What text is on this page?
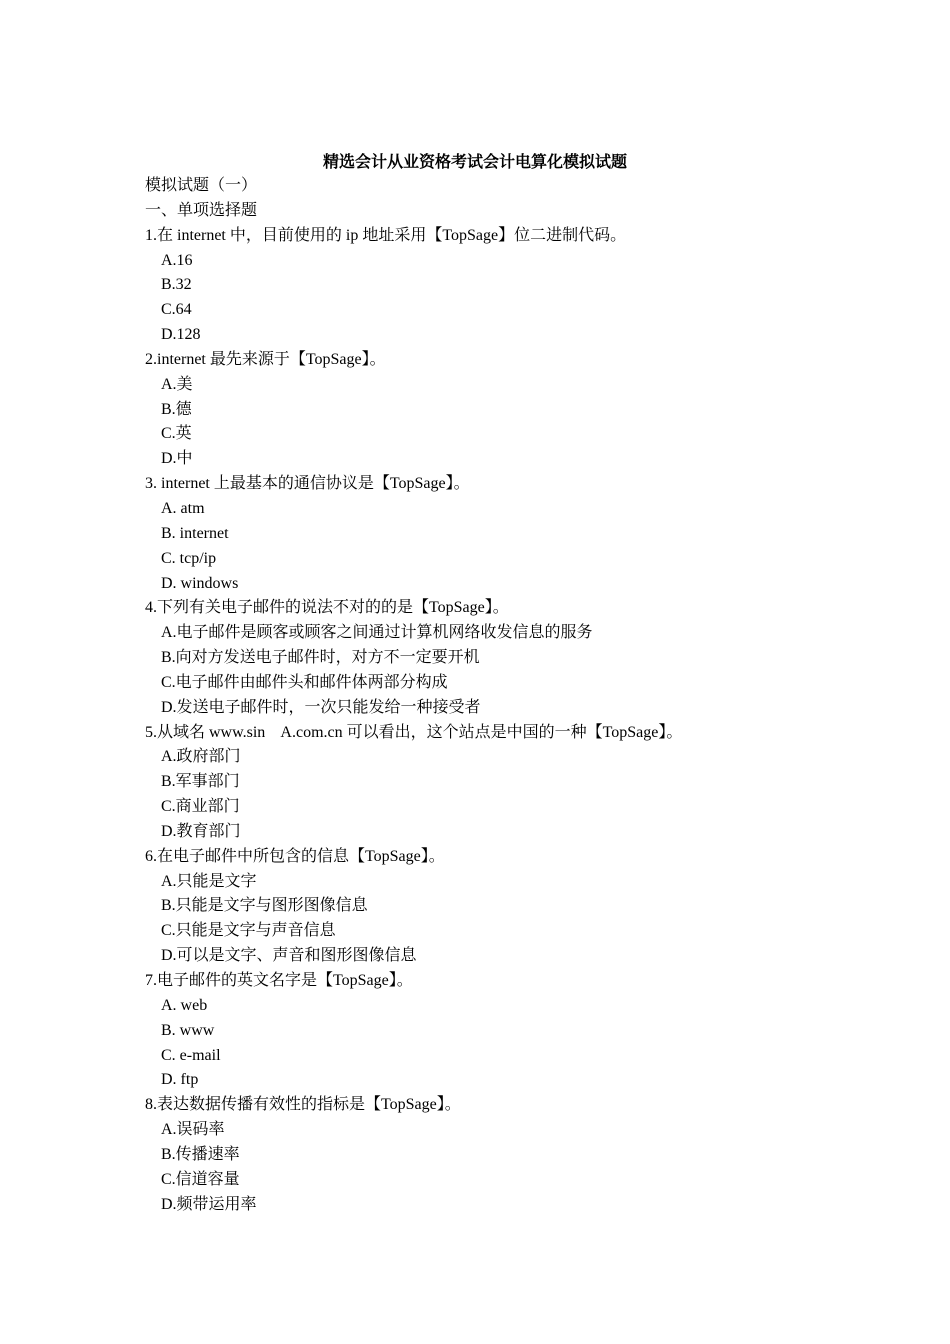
精选会计从业资格考试会计电算化模拟试题
模拟试题（一）
一、单项选择题
1.在 internet 中，目前使用的 ip 地址采用【TopSage】位二进制代码。
A.16
B.32
C.64
D.128
2.internet 最先来源于【TopSage】。
A.美
B.德
C.英
D.中
3. internet 上最基本的通信协议是【TopSage】。
A. atm
B. internet
C. tcp/ip
D. windows
4.下列有关电子邮件的说法不对的的是【TopSage】。
A.电子邮件是顾客或顾客之间通过计算机网络收发信息的服务
B.向对方发送电子邮件时，对方不一定要开机
C.电子邮件由邮件头和邮件体两部分构成
D.发送电子邮件时，一次只能发给一种接受者
5.从域名 www.sin    A.com.cn 可以看出，这个站点是中国的一种【TopSage】。
A.政府部门
B.军事部门
C.商业部门
D.教育部门
6.在电子邮件中所包含的信息【TopSage】。
A.只能是文字
B.只能是文字与图形图像信息
C.只能是文字与声音信息
D.可以是文字、声音和图形图像信息
7.电子邮件的英文名字是【TopSage】。
A. web
B. www
C. e-mail
D. ftp
8.表达数据传播有效性的指标是【TopSage】。
A.误码率
B.传播速率
C.信道容量
D.频带运用率
